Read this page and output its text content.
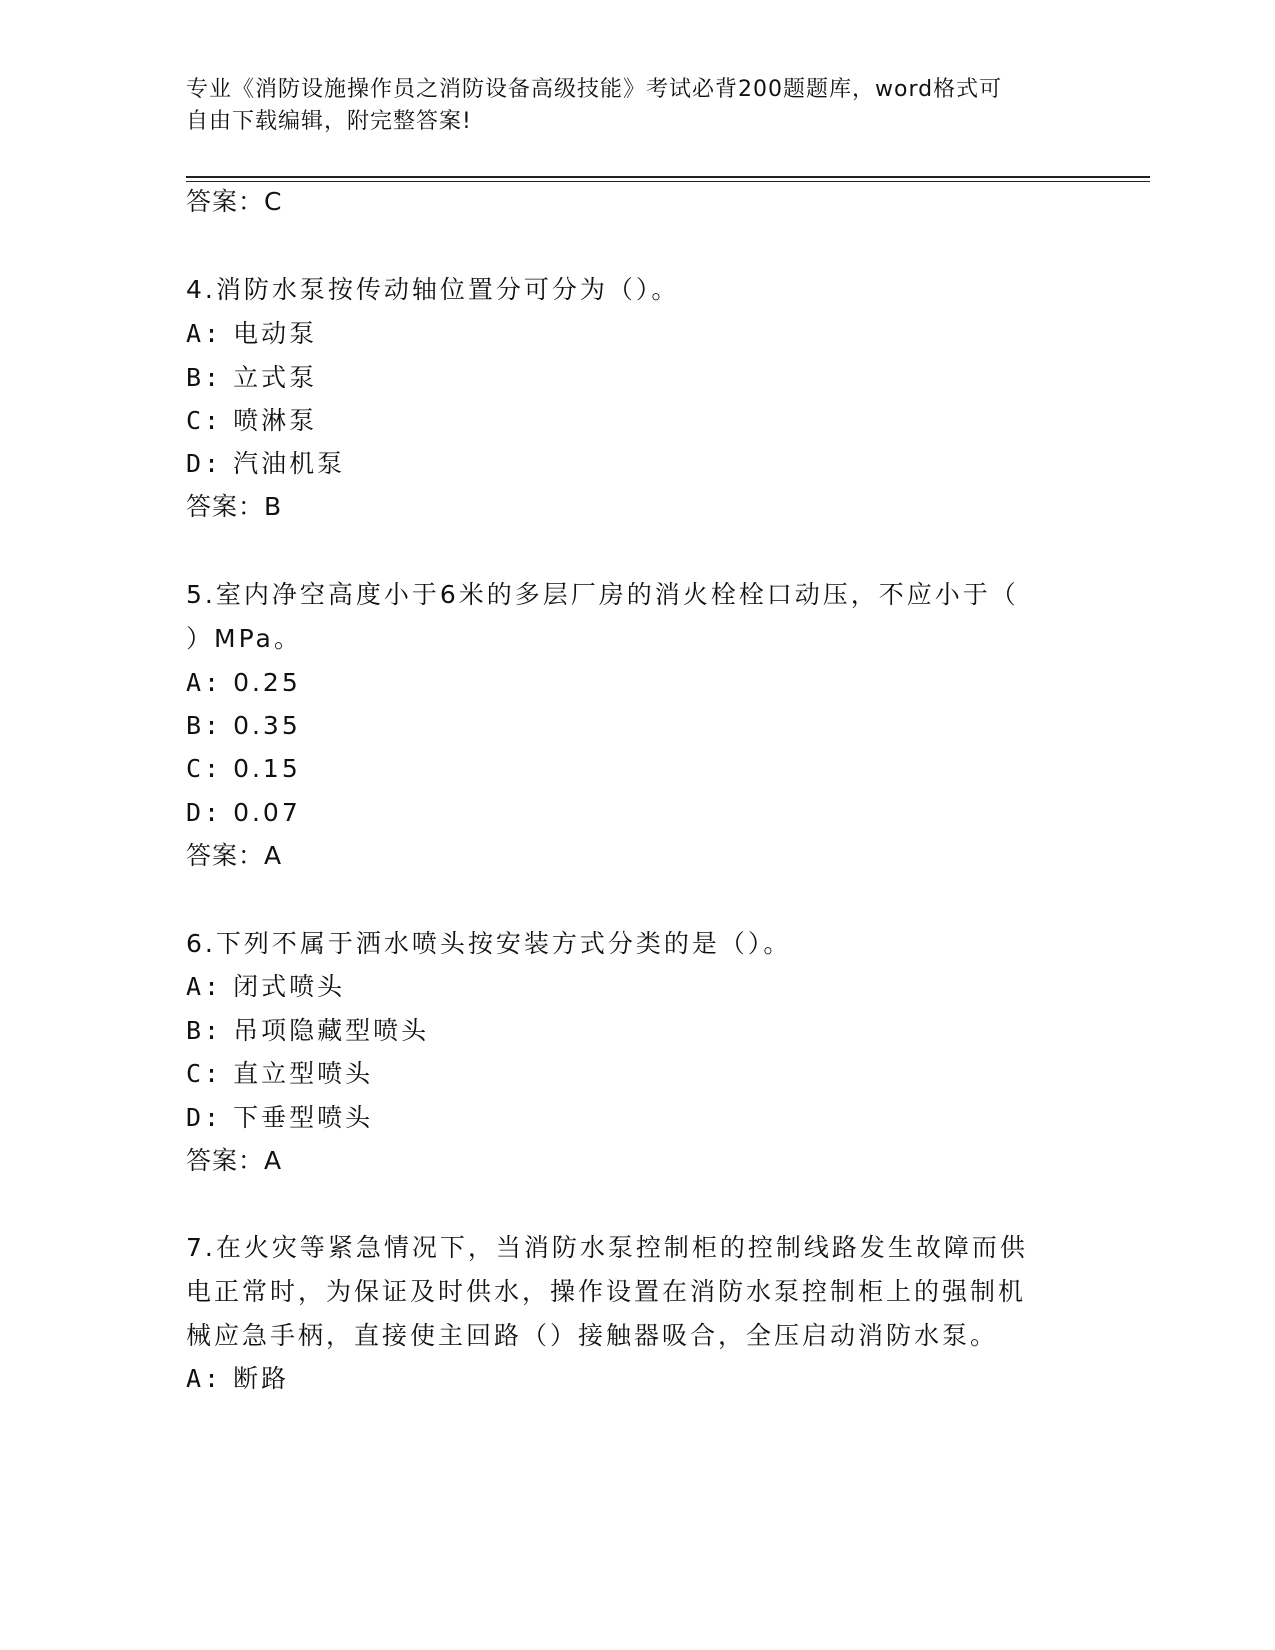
专业《消防设施操作员之消防设备高级技能》考试必背200题题库，word格式可
自由下载编辑，附完整答案!
答案：C
4.消防水泵按传动轴位置分可分为（）。
A: 电动泵
B: 立式泵
C: 喷淋泵
D: 汽油机泵
答案：B
5.室内净空高度小于6米的多层厂房的消火栓栓口动压，不应小于（
）MPa。
A: 0.25
B: 0.35
C: 0.15
D: 0.07
答案：A
6.下列不属于洒水喷头按安装方式分类的是（）。
A: 闭式喷头
B: 吊项隐藏型喷头
C: 直立型喷头
D: 下垂型喷头
答案：A
7.在火灾等紧急情况下，当消防水泵控制柜的控制线路发生故障而供
电正常时，为保证及时供水，操作设置在消防水泵控制柜上的强制机
械应急手柄，直接使主回路（）接触器吸合，全压启动消防水泵。
A: 断路
